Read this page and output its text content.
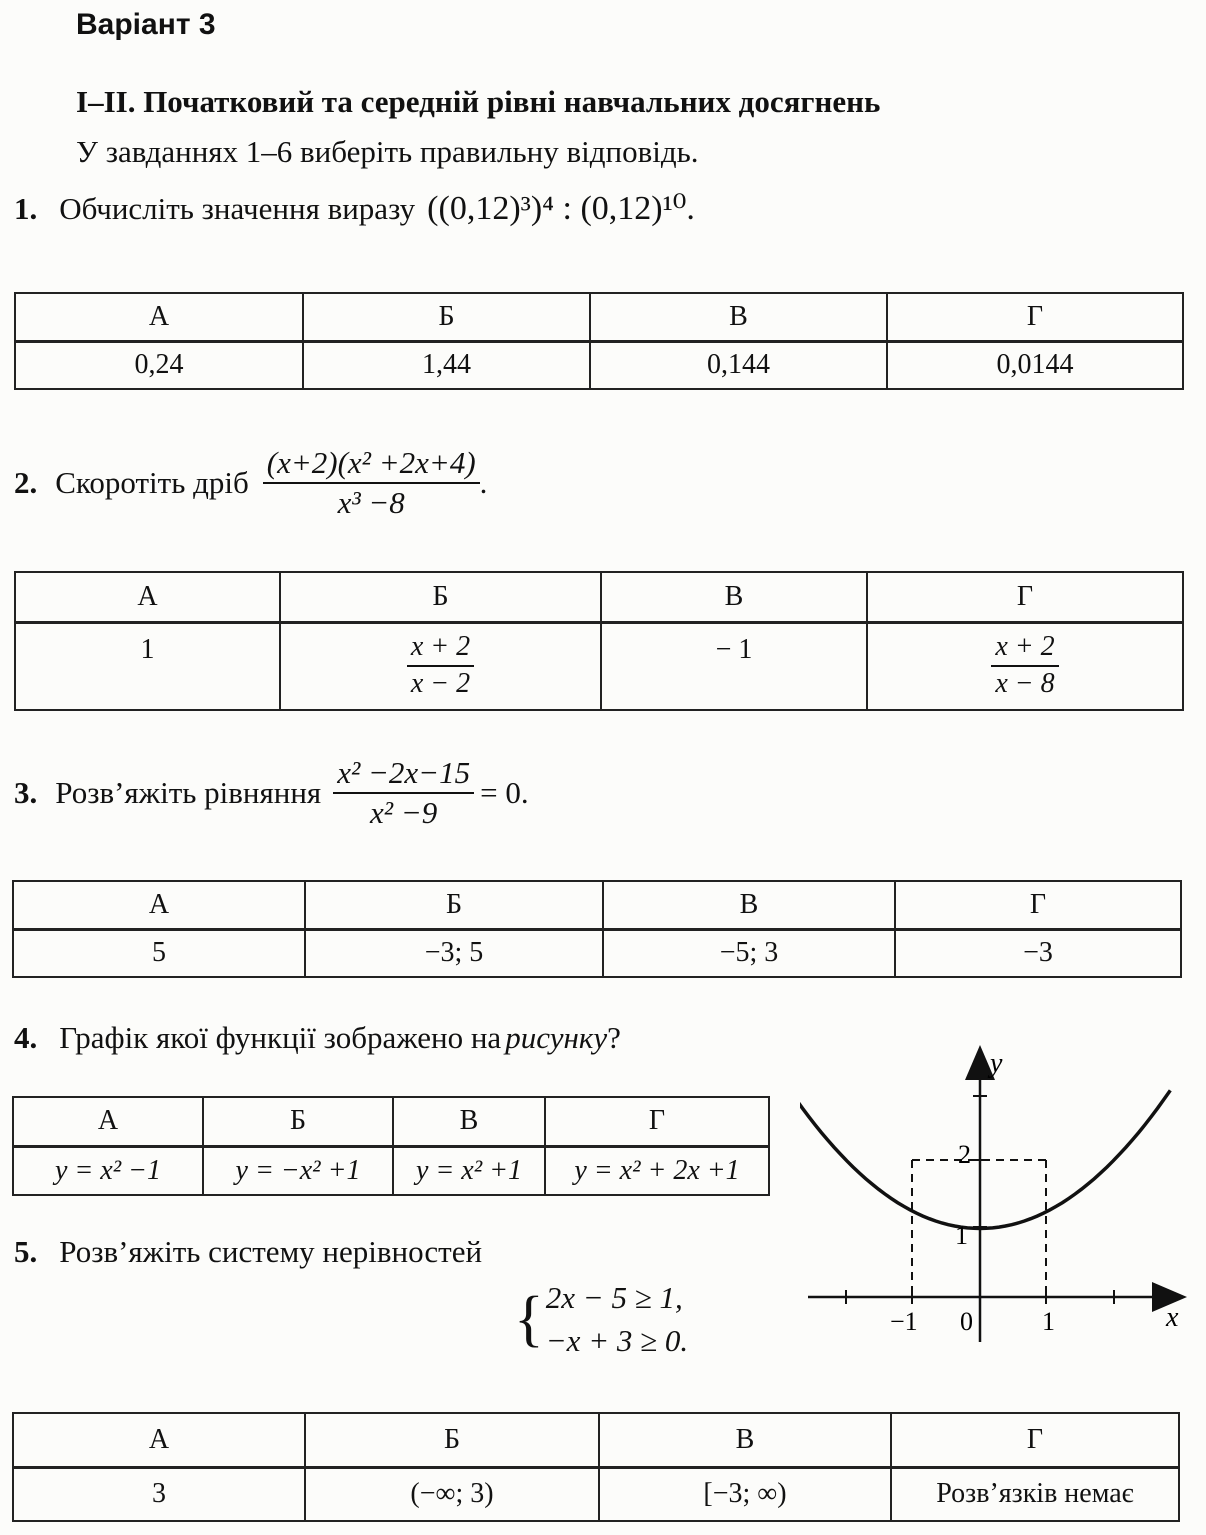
Варіант 3
I–II. Початковий та середній рівні навчальних досягнень
У завданнях 1–6 виберіть правильну відповідь.
1. Обчисліть значення виразу ((0,12)³)⁴ : (0,12)¹⁰.
А	Б	В	Г
0,24	1,44	0,144	0,0144
2. Скоротіть дріб $\frac{\text{(x+2)(x² +2x+4)}}{\text{x³ −8}}$ .
А	Б	В	Г
1	$\frac{x + 2}{x - 2}$	− 1	$\frac{x + 2}{x - 8}$
3. Розв’яжіть рівняння $\frac{\text{x² −2x−15}}{\text{x² −9}} = 0$.
А	Б	В	Г
5	−3; 5	−5; 3	−3
4. Графік якої функції зображено на рисунку?
А	Б	В	Г
y = x² −1	y = −x² +1	y = x² +1	y = x² + 2x +1
x
y
−1 0	1
1
2
5. Розв’яжіть систему нерівностей
{ 2x − 5 ≥ 1,
−x + 3 ≥ 0.
А	Б	В	Г
3	(−∞; 3)	[−3; ∞)	Розв’язків немає
